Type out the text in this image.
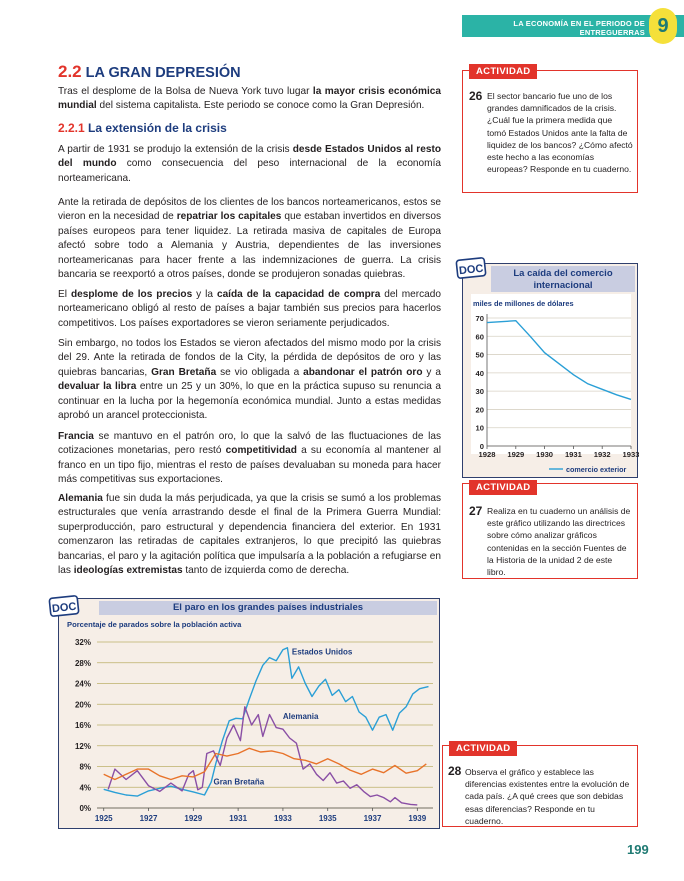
LA ECONOMÍA EN EL PERIODO DE ENTREGUERRAS 9
2.2 LA GRAN DEPRESIÓN
Tras el desplome de la Bolsa de Nueva York tuvo lugar la mayor crisis económica mundial del sistema capitalista. Este periodo se conoce como la Gran Depresión.
2.2.1 La extensión de la crisis
A partir de 1931 se produjo la extensión de la crisis desde Estados Unidos al resto del mundo como consecuencia del peso internacional de la economía norteamericana.
Ante la retirada de depósitos de los clientes de los bancos norteamericanos, estos se vieron en la necesidad de repatriar los capitales que estaban invertidos en diversos países europeos para tener liquidez. La retirada masiva de capitales de Europa afectó sobre todo a Alemania y Austria, dependientes de las inversiones norteamericanas para hacer frente a las indemnizaciones de guerra. La crisis bancaria se reexportó a otros países, donde se produjeron sonadas quiebras.
El desplome de los precios y la caída de la capacidad de compra del mercado norteamericano obligó al resto de países a bajar también sus precios para hacerlos competitivos. Los países exportadores se vieron seriamente perjudicados.
Sin embargo, no todos los Estados se vieron afectados del mismo modo por la crisis del 29. Ante la retirada de fondos de la City, la pérdida de depósitos de oro y las quiebras bancarias, Gran Bretaña se vio obligada a abandonar el patrón oro y a devaluar la libra entre un 25 y un 30%, lo que en la práctica supuso su renuncia a continuar en la lucha por la hegemonía económica mundial. Junto a estas medidas aprobó un arancel proteccionista.
Francia se mantuvo en el patrón oro, lo que la salvó de las fluctuaciones de las cotizaciones monetarias, pero restó competitividad a su economía al mantener al franco en un tipo fijo, mientras el resto de países devaluaban su moneda para hacer más competitivas sus exportaciones.
Alemania fue sin duda la más perjudicada, ya que la crisis se sumó a los problemas estructurales que venía arrastrando desde el final de la Primera Guerra Mundial: superproducción, paro estructural y dependencia financiera del exterior. En 1931 comenzaron las retiradas de capitales extranjeros, lo que precipitó las quiebras bancarias, el paro y la agitación política que impulsaría a la población a refugiarse en las ideologías extremistas tanto de izquierda como de derecha.
ACTIVIDAD
26 El sector bancario fue uno de los grandes damnificados de la crisis. ¿Cuál fue la primera medida que tomó Estados Unidos ante la falta de liquidez de los bancos? ¿Cómo afectó este hecho a las economías europeas? Responde en tu cuaderno.
La caída del comercio internacional
miles de millones de dólares
0
10
20
30
40
50
60
70
1928 1929 1930 1931 1932 1933
comercio exterior
DOC
ACTIVIDAD
27 Realiza en tu cuaderno un análisis de este gráfico utilizando las directrices sobre cómo analizar gráficos contenidas en la sección Fuentes de la Historia de la unidad 2 de este libro.
El paro en los grandes países industriales
Porcentaje de parados sobre la población activa
0%
4%
8%
12%
16%
20%
24%
28%
32%
1925	1927	1929	1931	1933	1935	1937	1939
Estados Unidos
Alemania
Gran Bretaña
DOC
ACTIVIDAD
28 Observa el gráfico y establece las diferencias existentes entre la evolución de cada país. ¿A qué crees que son debidas esas diferencias? Responde en tu cuaderno.
199
